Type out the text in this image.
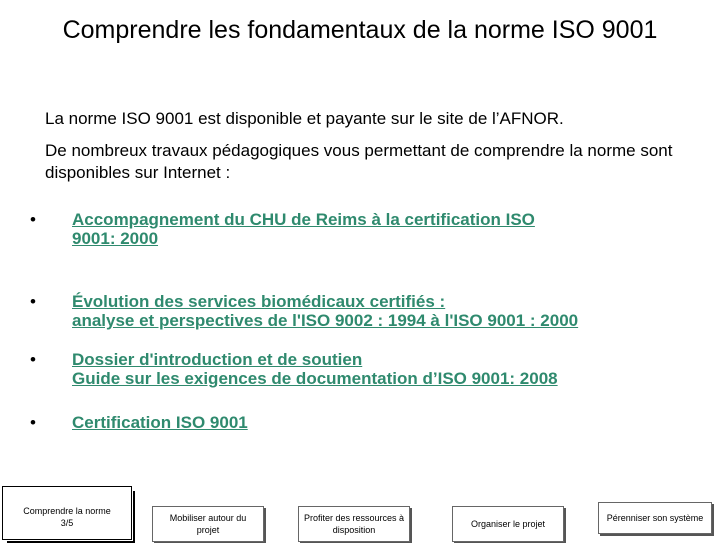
Comprendre les fondamentaux de la norme ISO 9001

La norme ISO 9001 est disponible et payante sur le site de l’AFNOR.

De nombreux travaux pédagogiques vous permettant de comprendre la norme sont disponibles sur Internet :

• Accompagnement du CHU de Reims à la certification ISO
9001: 2000
• Évolution des services biomédicaux certifiés :
analyse et perspectives de l'ISO 9002 : 1994 à l'ISO 9001 : 2000
• Dossier d'introduction et de soutien
Guide sur les exigences de documentation d’ISO 9001: 2008
• Certification ISO 9001
Comprendre la norme
3/5	Mobiliser autour du
projet
Profiter des ressources à
disposition
Organiser le projet
Pérenniser son système
